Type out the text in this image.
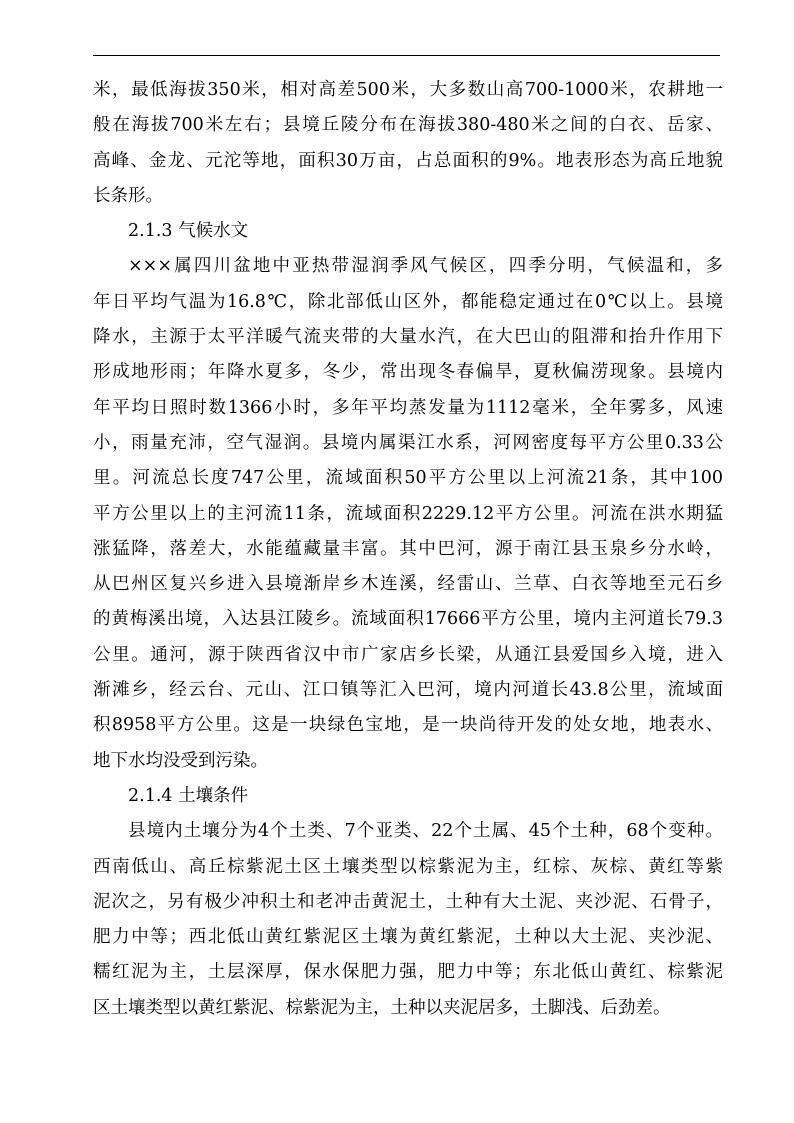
米，最低海拔350米，相对高差500米，大多数山高700-1000米，农耕地一
般在海拔700米左右；县境丘陵分布在海拔380-480米之间的白衣、岳家、
高峰、金龙、元沱等地，面积30万亩，占总面积的9%。地表形态为高丘地貌
长条形。
2.1.3 气候水文
×××属四川盆地中亚热带湿润季风气候区，四季分明，气候温和，多
年日平均气温为16.8℃，除北部低山区外，都能稳定通过在0℃以上。县境
降水，主源于太平洋暖气流夹带的大量水汽，在大巴山的阻滞和抬升作用下
形成地形雨；年降水夏多，冬少，常出现冬春偏旱，夏秋偏涝现象。县境内
年平均日照时数1366小时，多年平均蒸发量为1112毫米，全年雾多，风速
小，雨量充沛，空气湿润。县境内属渠江水系，河网密度每平方公里0.33公
里。河流总长度747公里，流域面积50平方公里以上河流21条，其中100
平方公里以上的主河流11条，流域面积2229.12平方公里。河流在洪水期猛
涨猛降，落差大，水能蕴藏量丰富。其中巴河，源于南江县玉泉乡分水岭，
从巴州区复兴乡进入县境渐岸乡木连溪，经雷山、兰草、白衣等地至元石乡
的黄梅溪出境，入达县江陵乡。流域面积17666平方公里，境内主河道长79.3
公里。通河，源于陕西省汉中市广家店乡长梁，从通江县爱国乡入境，进入
渐滩乡，经云台、元山、江口镇等汇入巴河，境内河道长43.8公里，流域面
积8958平方公里。这是一块绿色宝地，是一块尚待开发的处女地，地表水、
地下水均没受到污染。
2.1.4 土壤条件
县境内土壤分为4个土类、7个亚类、22个土属、45个土种，68个变种。
西南低山、高丘棕紫泥土区土壤类型以棕紫泥为主，红棕、灰棕、黄红等紫
泥次之，另有极少冲积土和老冲击黄泥土，土种有大土泥、夹沙泥、石骨子，
肥力中等；西北低山黄红紫泥区土壤为黄红紫泥，土种以大土泥、夹沙泥、
糯红泥为主，土层深厚，保水保肥力强，肥力中等；东北低山黄红、棕紫泥
区土壤类型以黄红紫泥、棕紫泥为主，土种以夹泥居多，土脚浅、后劲差。
